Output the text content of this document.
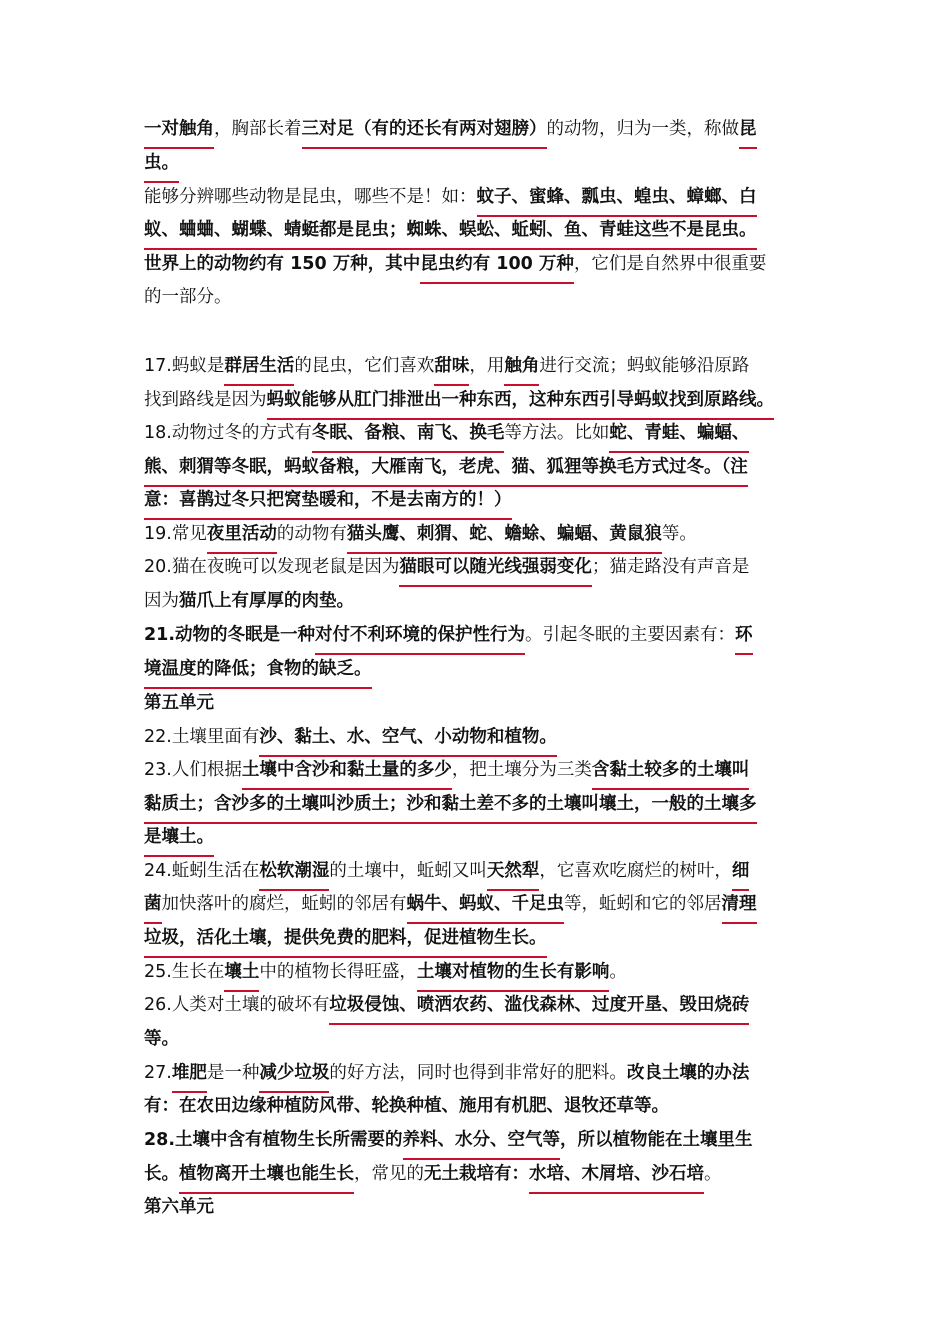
一对触角，胸部长着三对足（有的还长有两对翅膀）的动物，归为一类，称做昆
虫。
能够分辨哪些动物是昆虫，哪些不是！如：蚊子、蜜蜂、瓢虫、蝗虫、蟑螂、白
蚁、蛐蛐、蝴蝶、蜻蜓都是昆虫；蜘蛛、蜈蚣、蚯蚓、鱼、青蛙这些不是昆虫。
世界上的动物约有 150 万种，其中昆虫约有 100 万种，它们是自然界中很重要
的一部分。
17.蚂蚁是群居生活的昆虫，它们喜欢甜味，用触角进行交流；蚂蚁能够沿原路
找到路线是因为蚂蚁能够从肛门排泄出一种东西，这种东西引导蚂蚁找到原路线。
18.动物过冬的方式有冬眠、备粮、南飞、换毛等方法。比如蛇、青蛙、蝙蝠、
熊、刺猬等冬眠，蚂蚁备粮，大雁南飞，老虎、猫、狐狸等换毛方式过冬。（注
意：喜鹊过冬只把窝垫暖和，不是去南方的！）
19.常见夜里活动的动物有猫头鹰、刺猬、蛇、蟾蜍、蝙蝠、黄鼠狼等。
20.猫在夜晚可以发现老鼠是因为猫眼可以随光线强弱变化；猫走路没有声音是
因为猫爪上有厚厚的肉垫。
21.动物的冬眠是一种对付不利环境的保护性行为。引起冬眠的主要因素有：环
境温度的降低；食物的缺乏。
第五单元
22.土壤里面有沙、黏土、水、空气、小动物和植物。
23.人们根据土壤中含沙和黏土量的多少，把土壤分为三类含黏土较多的土壤叫
黏质土；含沙多的土壤叫沙质土；沙和黏土差不多的土壤叫壤土，一般的土壤多
是壤土。
24.蚯蚓生活在松软潮湿的土壤中，蚯蚓又叫天然犁，它喜欢吃腐烂的树叶，细
菌加快落叶的腐烂，蚯蚓的邻居有蜗牛、蚂蚁、千足虫等，蚯蚓和它的邻居清理
垃圾，活化土壤，提供免费的肥料，促进植物生长。
25.生长在壤土中的植物长得旺盛，土壤对植物的生长有影响。
26.人类对土壤的破坏有垃圾侵蚀、喷洒农药、滥伐森林、过度开垦、毁田烧砖
等。
27.堆肥是一种减少垃圾的好方法，同时也得到非常好的肥料。改良土壤的办法
有：在农田边缘种植防风带、轮换种植、施用有机肥、退牧还草等。
28.土壤中含有植物生长所需要的养料、水分、空气等，所以植物能在土壤里生
长。植物离开土壤也能生长，常见的无土栽培有：水培、木屑培、沙石培。
第六单元
